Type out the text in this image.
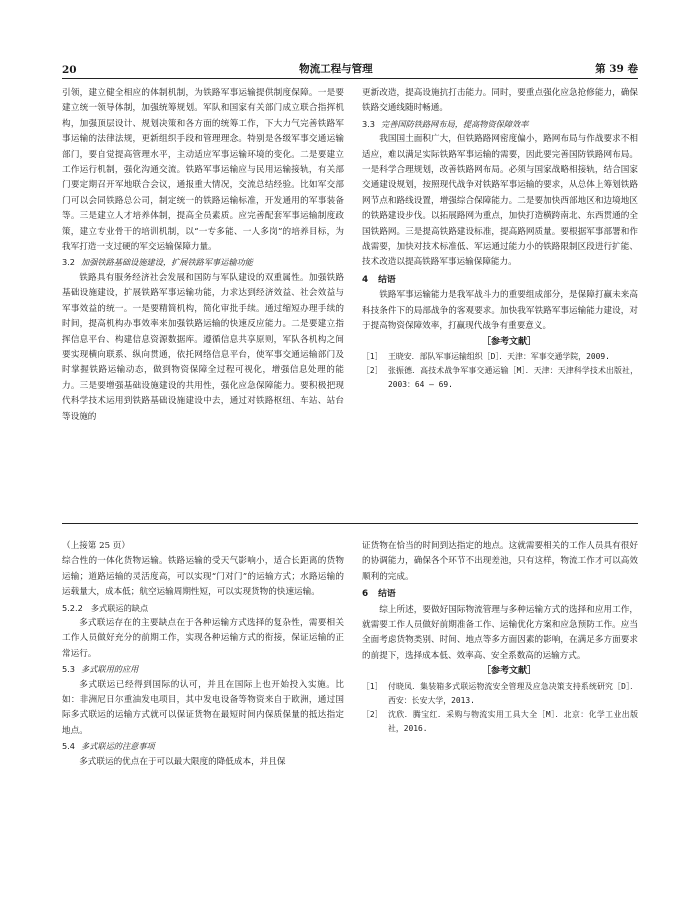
20	物流工程与管理	第 39 卷

引领，建立健全相应的体制机制，为铁路军事运输提供制度保障。一是要建立统一领导体制，加强统筹规划。军队和国家有关部门成立联合指挥机构，加强顶层设计、规划决策和各方面的统筹工作，下大力气完善铁路军事运输的法律法规，更新组织手段和管理理念。特别是各级军事交通运输部门，要自觉提高管理水平，主动适应军事运输环境的变化。二是要建立工作运行机制，强化沟通交流。铁路军事运输应与民用运输接轨，有关部门要定期召开军地联合会议，通报重大情况，交流总结经验。比如军交部门可以会同铁路总公司，制定统一的铁路运输标准，开发通用的军事装备等。三是建立人才培养体制，提高全员素质。应完善配套军事运输制度政策，建立专业骨干的培训机制，以“一专多能、一人多岗”的培养目标，为我军打造一支过硬的军交运输保障力量。

3.2 加强铁路基础设施建设，扩展铁路军事运输功能

铁路具有服务经济社会发展和国防与军队建设的双重属性。加强铁路基础设施建设，扩展铁路军事运输功能，力求达到经济效益、社会效益与军事效益的统一。一是要精简机构，简化审批手续。通过缩短办理手续的时间，提高机构办事效率来加强铁路运输的快速反应能力。二是要建立指挥信息平台、构建信息资源数据库。遵循信息共享原则，军队各机构之间要实现横向联系、纵向贯通，依托网络信息平台，使军事交通运输部门及时掌握铁路运输动态，做到物资保障全过程可视化，增强信息处理的能力。三是要增强基础设施建设的共用性，强化应急保障能力。要积极把现代科学技术运用到铁路基础设施建设中去，通过对铁路枢纽、车站、站台等设施的

更新改造，提高设施抗打击能力。同时，要重点强化应急抢修能力，确保铁路交通线随时畅通。

3.3 完善国防铁路网布局，提高物资保障效率

我国国土面积广大，但铁路路网密度偏小，路网布局与作战要求不相适应，难以满足实际铁路军事运输的需要，因此要完善国防铁路网布局。一是科学合理规划，改善铁路网布局。必须与国家战略相接轨，结合国家交通建设规划，按照现代战争对铁路军事运输的要求，从总体上筹划铁路网节点和路线设置，增强综合保障能力。二是要加快西部地区和边境地区的铁路建设步伐。以拓展路网为重点，加快打造横跨南北、东西贯通的全国铁路网。三是提高铁路建设标准，提高路网质量。要根据军事部署和作战需要，加快对技术标准低、军运通过能力小的铁路限制区段进行扩能、技术改造以提高铁路军事运输保障能力。

4 结语

铁路军事运输能力是我军战斗力的重要组成部分，是保障打赢未来高科技条件下的局部战争的客观要求。加快我军铁路军事运输能力建设，对于提高物资保障效率，打赢现代战争有重要意义。

［参考文献］

［1］ 王晓安．部队军事运输组织［D］．天津：军事交通学院，2009.
［2］ 张振德．高技术战争军事交通运输［M］．天津：天津科学技术出版社，2003：64 – 69.

（上接第 25 页）

综合性的一体化货物运输。铁路运输的受天气影响小，适合长距离的货物运输；道路运输的灵活度高，可以实现“门对门”的运输方式；水路运输的运载量大，成本低；航空运输周期性短，可以实现货物的快速运输。

5.2.2 多式联运的缺点

多式联运存在的主要缺点在于各种运输方式选择的复杂性，需要相关工作人员做好充分的前期工作，实现各种运输方式的衔接，保证运输的正常运行。

5.3 多式联用的应用

多式联运已经得到国际的认可，并且在国际上也开始投入实施。比如：非洲尼日尔重油发电项目，其中发电设备等物资来自于欧洲，通过国际多式联运的运输方式就可以保证货物在最短时间内保质保量的抵达指定地点。

5.4 多式联运的注意事项

多式联运的优点在于可以最大限度的降低成本，并且保

证货物在恰当的时间到达指定的地点。这就需要相关的工作人员具有很好的协调能力，确保各个环节不出现差池，只有这样，物流工作才可以高效顺利的完成。

6 结语

综上所述，要做好国际物流管理与多种运输方式的选择和应用工作，就需要工作人员做好前期准备工作、运输优化方案和应急预防工作。应当全面考虑货物类别、时间、地点等多方面因素的影响，在满足多方面要求的前提下，选择成本低、效率高、安全系数高的运输方式。

［参考文献］

［1］ 付晓凤．集装箱多式联运物流安全管理及应急决策支持系统研究［D］．西安：长安大学，2013.
［2］ 沈欣．腾宝红．采购与物流实用工具大全［M］．北京：化学工业出版社，2016.
